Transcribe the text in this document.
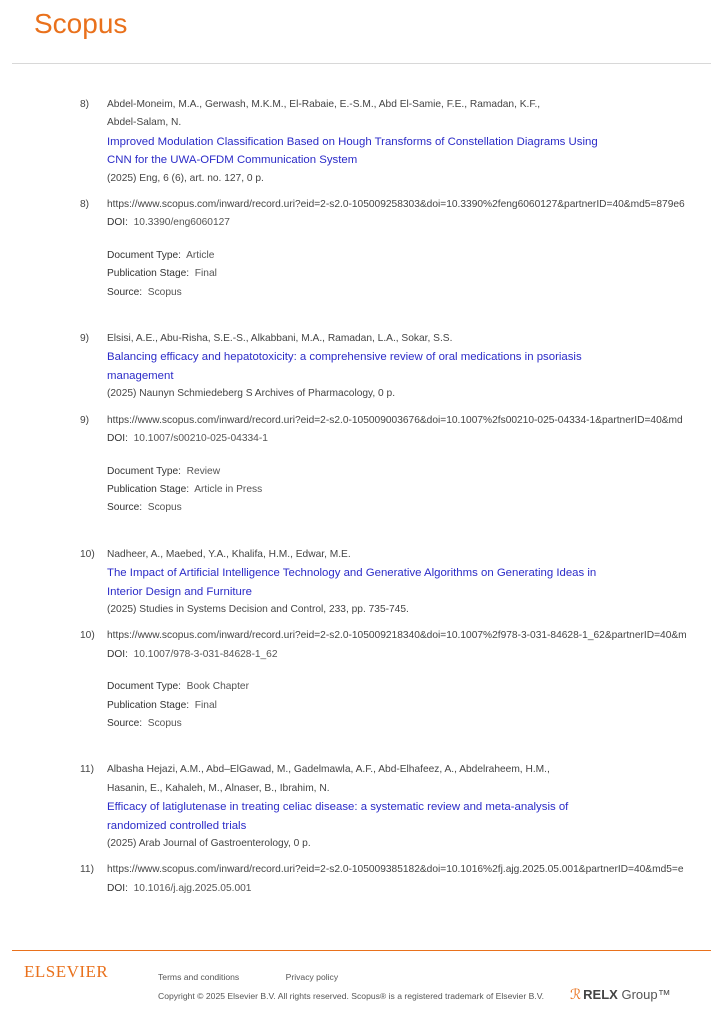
Scopus
8) Abdel-Moneim, M.A., Gerwash, M.K.M., El-Rabaie, E.-S.M., Abd El-Samie, F.E., Ramadan, K.F.,
Abdel-Salam, N.
Improved Modulation Classification Based on Hough Transforms of Constellation Diagrams Using
CNN for the UWA-OFDM Communication System
(2025) Eng, 6 (6), art. no. 127, 0 p.
8) https://www.scopus.com/inward/record.uri?eid=2-s2.0-105009258303&doi=10.3390%2feng6060127&partnerID=40&md5=879e6
DOI: 10.3390/eng6060127
Document Type: Article
Publication Stage: Final
Source: Scopus
9) Elsisi, A.E., Abu-Risha, S.E.-S., Alkabbani, M.A., Ramadan, L.A., Sokar, S.S.
Balancing efficacy and hepatotoxicity: a comprehensive review of oral medications in psoriasis
management
(2025) Naunyn Schmiedeberg S Archives of Pharmacology, 0 p.
9) https://www.scopus.com/inward/record.uri?eid=2-s2.0-105009003676&doi=10.1007%2fs00210-025-04334-1&partnerID=40&md
DOI: 10.1007/s00210-025-04334-1
Document Type: Review
Publication Stage: Article in Press
Source: Scopus
10) Nadheer, A., Maebed, Y.A., Khalifa, H.M., Edwar, M.E.
The Impact of Artificial Intelligence Technology and Generative Algorithms on Generating Ideas in
Interior Design and Furniture
(2025) Studies in Systems Decision and Control, 233, pp. 735-745.
10) https://www.scopus.com/inward/record.uri?eid=2-s2.0-105009218340&doi=10.1007%2f978-3-031-84628-1_62&partnerID=40&m
DOI: 10.1007/978-3-031-84628-1_62
Document Type: Book Chapter
Publication Stage: Final
Source: Scopus
11) Albasha Hejazi, A.M., Abd–ElGawad, M., Gadelmawla, A.F., Abd-Elhafeez, A., Abdelraheem, H.M.,
Hasanin, E., Kahaleh, M., Alnaser, B., Ibrahim, N.
Efficacy of latiglutenase in treating celiac disease: a systematic review and meta-analysis of
randomized controlled trials
(2025) Arab Journal of Gastroenterology, 0 p.
11) https://www.scopus.com/inward/record.uri?eid=2-s2.0-105009385182&doi=10.1016%2fj.ajg.2025.05.001&partnerID=40&md5=e
DOI: 10.1016/j.ajg.2025.05.001
ELSEVIER	Terms and conditions	Privacy policy
Copyright © 2025 Elsevier B.V. All rights reserved. Scopus® is a registered trademark of Elsevier B.V. ℛ RELX Group™
